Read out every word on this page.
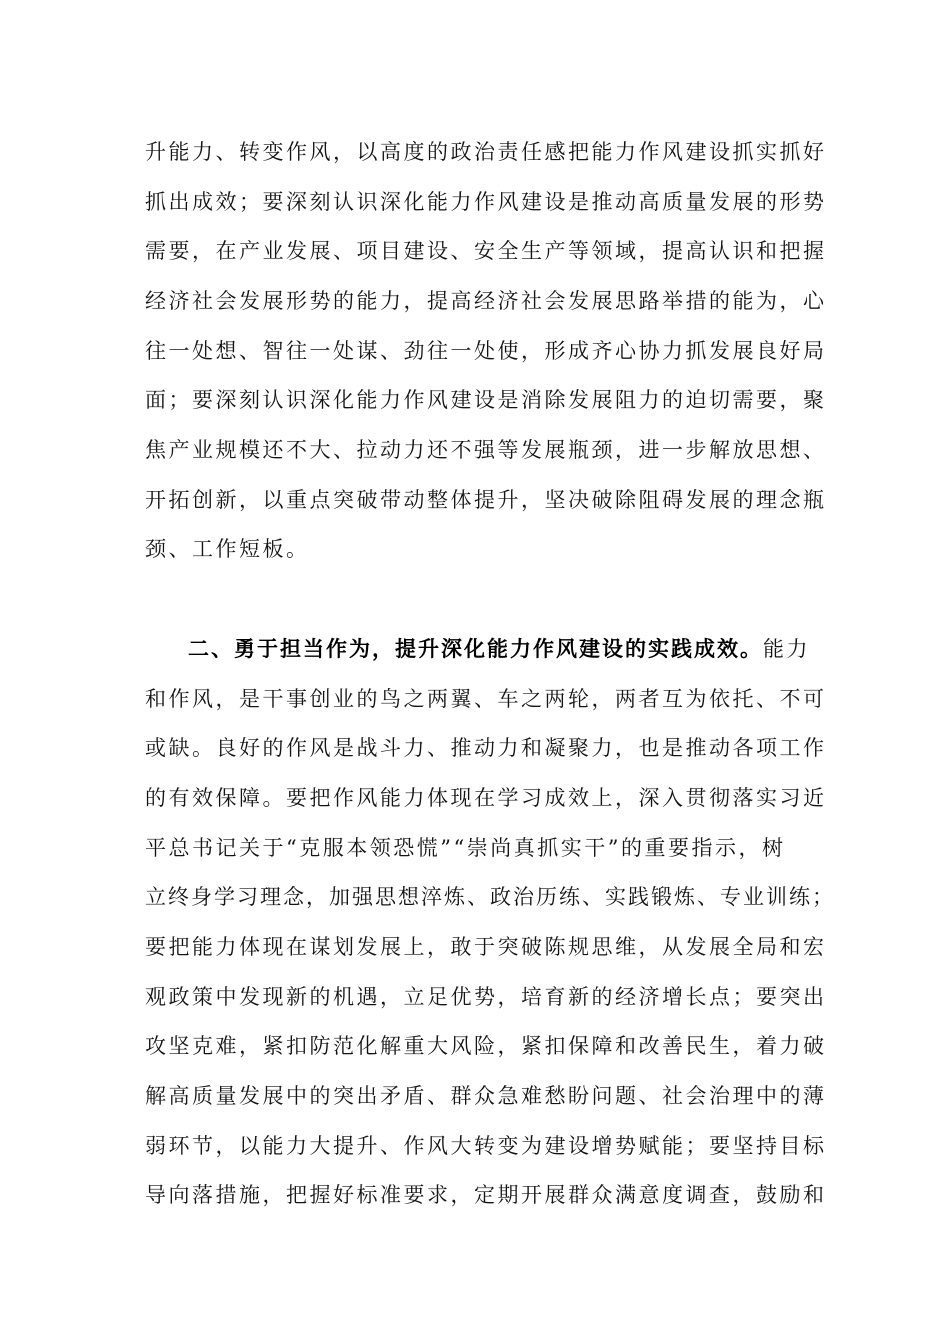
升能力、转变作风，以高度的政治责任感把能力作风建设抓实抓好
抓出成效；要深刻认识深化能力作风建设是推动高质量发展的形势
需要，在产业发展、项目建设、安全生产等领域，提高认识和把握
经济社会发展形势的能力，提高经济社会发展思路举措的能为，心
往一处想、智往一处谋、劲往一处使，形成齐心协力抓发展良好局
面；要深刻认识深化能力作风建设是消除发展阻力的迫切需要，聚
焦产业规模还不大、拉动力还不强等发展瓶颈，进一步解放思想、
开拓创新，以重点突破带动整体提升，坚决破除阻碍发展的理念瓶
颈、工作短板。
二、勇于担当作为，提升深化能力作风建设的实践成效。能力
和作风，是干事创业的鸟之两翼、车之两轮，两者互为依托、不可
或缺。良好的作风是战斗力、推动力和凝聚力，也是推动各项工作
的有效保障。要把作风能力体现在学习成效上，深入贯彻落实习近
平总书记关于“克服本领恐慌”“崇尚真抓实干”的重要指示，树
立终身学习理念，加强思想淬炼、政治历练、实践锻炼、专业训练；
要把能力体现在谋划发展上，敢于突破陈规思维，从发展全局和宏
观政策中发现新的机遇，立足优势，培育新的经济增长点；要突出
攻坚克难，紧扣防范化解重大风险，紧扣保障和改善民生，着力破
解高质量发展中的突出矛盾、群众急难愁盼问题、社会治理中的薄
弱环节，以能力大提升、作风大转变为建设增势赋能；要坚持目标
导向落措施，把握好标准要求，定期开展群众满意度调查，鼓励和
